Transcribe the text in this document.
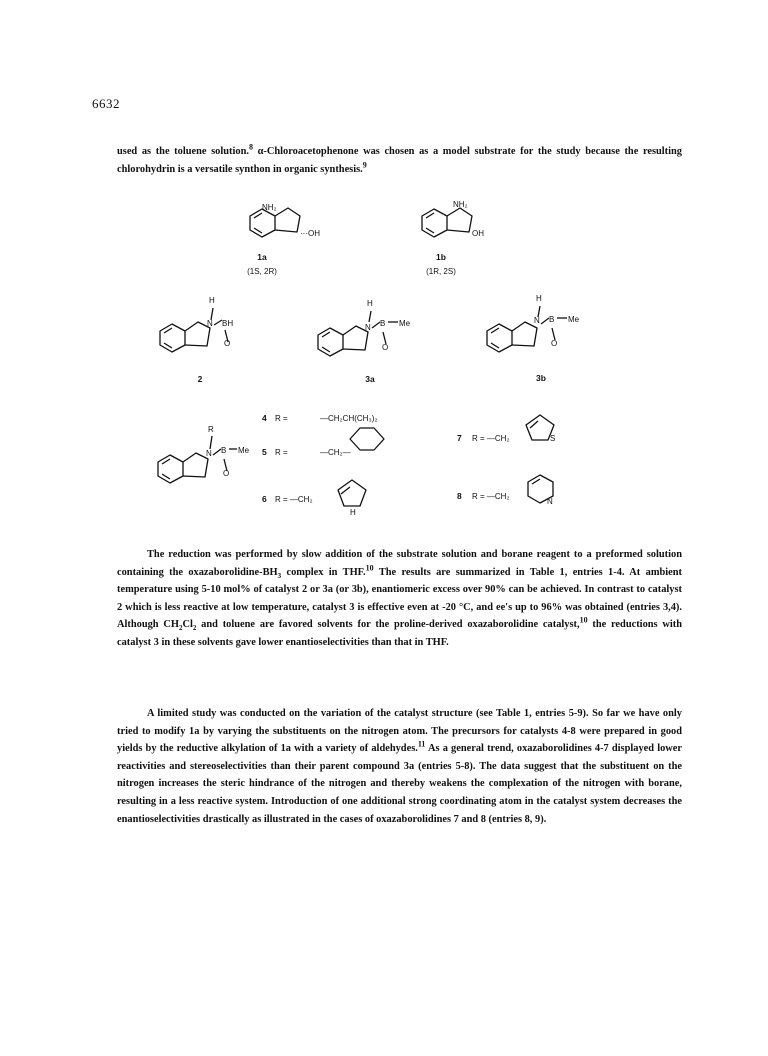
6632

used as the toluene solution.$^8$ α-Chloroacetophenone was chosen as a model substrate for the study because the resulting chlorohydrin is a versatile synthon in organic synthesis.$^9$

NH₂
···OH
1a
(1S, 2R)
NH₂
OH
1b
(1R, 2S)
H
N BH
O
2
H
N B Me
O
3a
H
N B Me
O
3b
R
N B Me
O
4 R =	—CH₂CH(CH₃)₂
5 R =	—CH₂—
6 R = —CH₂
H
7 R = —CH₂	S
8 R = —CH₂
N

The reduction was performed by slow addition of the substrate solution and borane reagent to a preformed solution containing the oxazaborolidine-$BH_3$ complex in THF.$^{10}$ The results are summarized in Table 1, entries 1-4. At ambient temperature using 5-10 mol% of catalyst 2 or 3a (or 3b), enantiomeric excess over 90% can be achieved. In contrast to catalyst 2 which is less reactive at low temperature, catalyst 3 is effective even at -20 °C, and ee's up to 96% was obtained (entries 3,4). Although $CH_2Cl_2$ and toluene are favored solvents for the proline-derived oxazaborolidine catalyst,$^{10}$ the reductions with catalyst 3 in these solvents gave lower enantioselectivities than that in THF.

A limited study was conducted on the variation of the catalyst structure (see Table 1, entries 5-9). So far we have only tried to modify 1a by varying the substituents on the nitrogen atom. The precursors for catalysts 4-8 were prepared in good yields by the reductive alkylation of 1a with a variety of aldehydes.$^{11}$ As a general trend, oxazaborolidines 4-7 displayed lower reactivities and stereoselectivities than their parent compound 3a (entries 5-8). The data suggest that the substituent on the nitrogen increases the steric hindrance of the nitrogen and thereby weakens the complexation of the nitrogen with borane, resulting in a less reactive system. Introduction of one additional strong coordinating atom in the catalyst system decreases the enantioselectivities drastically as illustrated in the cases of oxazaborolidines 7 and 8 (entries 8, 9).
